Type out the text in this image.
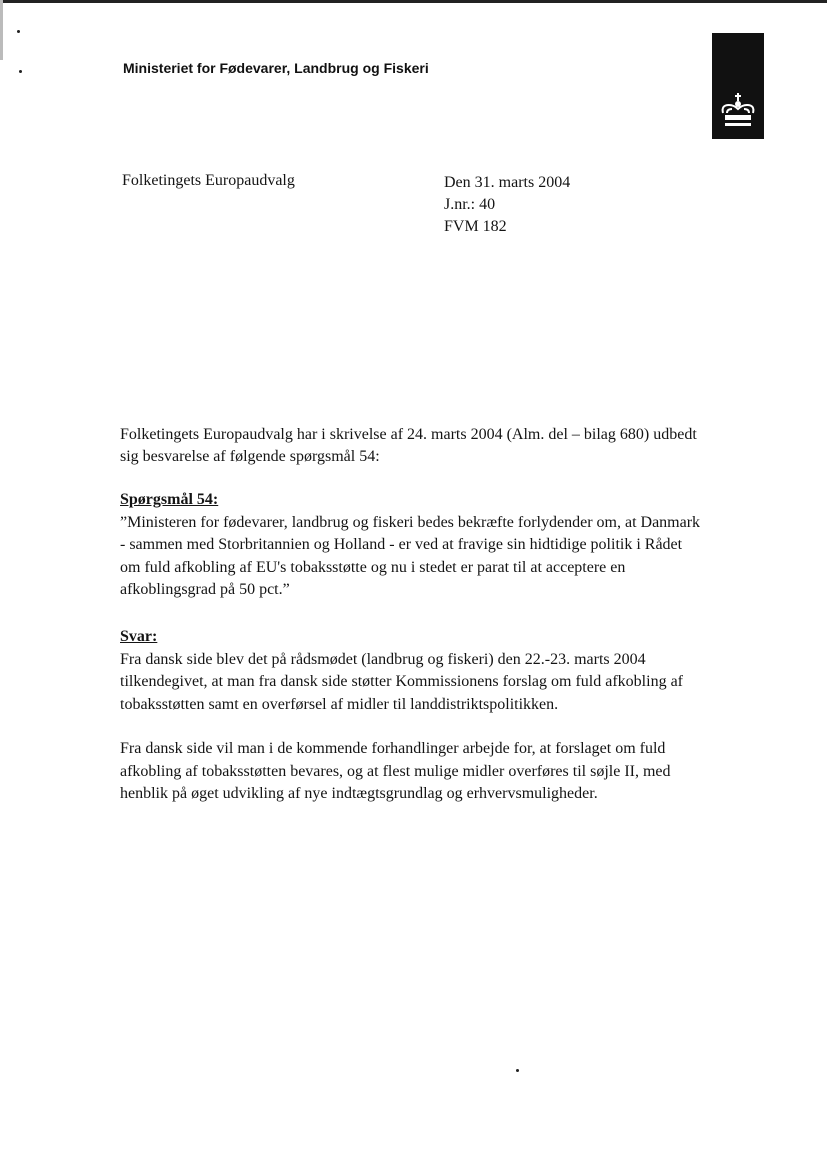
Ministeriet for Fødevarer, Landbrug og Fiskeri
Folketingets Europaudvalg	Den 31. marts 2004
J.nr.: 40
FVM 182
Folketingets Europaudvalg har i skrivelse af 24. marts 2004 (Alm. del – bilag 680) udbedt sig besvarelse af følgende spørgsmål 54:
Spørgsmål 54:
”Ministeren for fødevarer, landbrug og fiskeri bedes bekræfte forlydender om, at Danmark - sammen med Storbritannien og Holland - er ved at fravige sin hidtidige politik i Rådet om fuld afkobling af EU's tobaksstøtte og nu i stedet er parat til at acceptere en afkoblingsgrad på 50 pct.”
Svar:

Fra dansk side blev det på rådsmødet (landbrug og fiskeri) den 22.-23. marts 2004 tilkendegivet, at man fra dansk side støtter Kommissionens forslag om fuld afkobling af tobaksstøtten samt en overførsel af midler til landdistriktspolitikken.

Fra dansk side vil man i de kommende forhandlinger arbejde for, at forslaget om fuld afkobling af tobaksstøtten bevares, og at flest mulige midler overføres til søjle II, med henblik på øget udvikling af nye indtægtsgrundlag og erhvervsmuligheder.
